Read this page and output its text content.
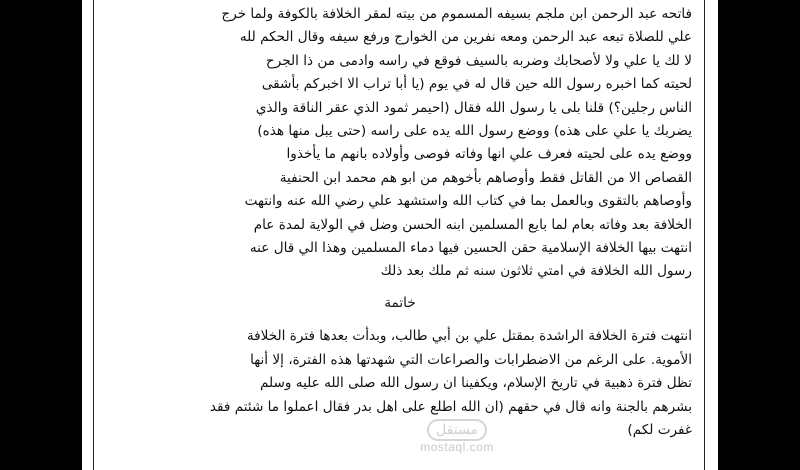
فاتحه عبد الرحمن ابن ملجم بسيفه المسموم من بيته لمقر الخلافة بالكوفة ولما خرج
علي للصلاة تبعه عبد الرحمن ومعه نفرين من الخوارج ورفع سيفه وقال الحكم لله
لا لك يا علي ولا لأصحابك وضربه بالسيف فوقع في راسه وادمى من ذا الجرح
لحيته كما اخبره رسول الله حين قال له في يوم (يا أبا تراب الا اخبركم بأشقى
الناس رجلين؟) قلنا بلى يا رسول الله فقال (احيمر ثمود الذي عقر الناقة والذي
يضربك يا علي على هذه) ووضع رسول الله يده على راسه (حتى يبل منها هذه)
ووضع يده على لحيته فعرف علي انها وفاته فوصى وأولاده بانهم ما يأخذوا
القصاص الا من القاتل فقط وأوصاهم بأخوهم من ابو هم محمد ابن الحنفية
وأوصاهم بالتقوى وبالعمل بما في كتاب الله واستشهد علي رضي الله عنه وانتهت
الخلافة بعد وفاته بعام لما بايع المسلمين ابنه الحسن وضل في الولاية لمدة عام
انتهت بيها الخلافة الإسلامية حقن الحسين فيها دماء المسلمين وهذا الي قال عنه
رسول الله الخلافة في امتي ثلاثون سنه ثم ملك بعد ذلك

خاتمة

انتهت فترة الخلافة الراشدة بمقتل علي بن أبي طالب، وبدأت بعدها فترة الخلافة
الأموية. على الرغم من الاضطرابات والصراعات التي شهدتها هذه الفترة، إلا أنها
تظل فترة ذهبية في تاريخ الإسلام، ويكفينا ان رسول الله صلى الله عليه وسلم
بشرهم بالجنة وانه قال في حقهم (ان الله اطلع على اهل بدر فقال اعملوا ما شئتم فقد
غفرت لكم)

مستقل
mostaql.com
